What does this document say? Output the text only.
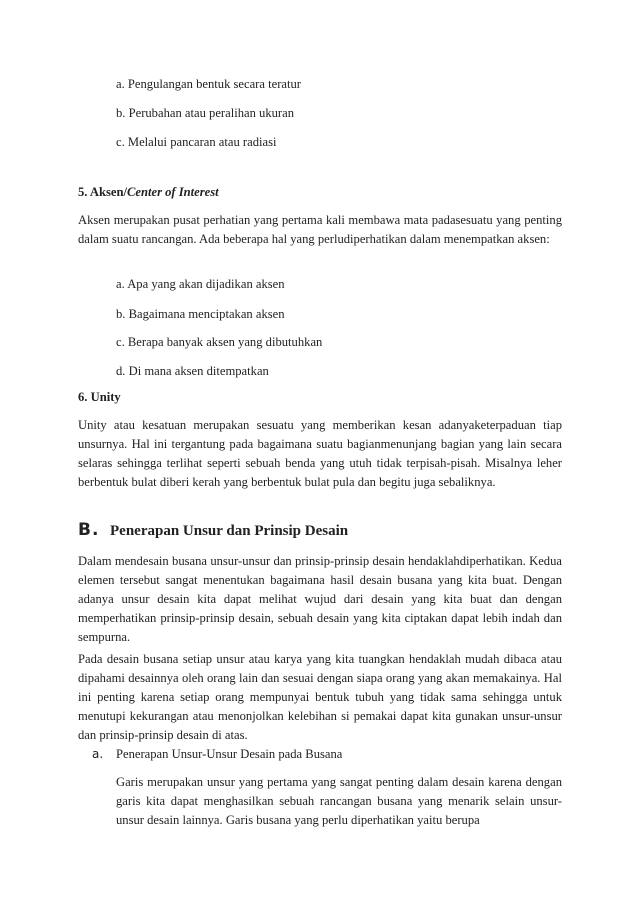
a. Pengulangan bentuk secara teratur
b. Perubahan atau peralihan ukuran
c. Melalui pancaran atau radiasi
5. Aksen/Center of Interest

Aksen merupakan pusat perhatian yang pertama kali membawa mata padasesuatu yang penting dalam suatu rancangan. Ada beberapa hal yang perludiperhatikan dalam menempatkan aksen:

a. Apa yang akan dijadikan aksen
b. Bagaimana menciptakan aksen
c. Berapa banyak aksen yang dibutuhkan
d. Di mana aksen ditempatkan
6. Unity

Unity atau kesatuan merupakan sesuatu yang memberikan kesan adanyaketerpaduan tiap unsurnya. Hal ini tergantung pada bagaimana suatu bagianmenunjang bagian yang lain secara selaras sehingga terlihat seperti sebuah benda yang utuh tidak terpisah-pisah. Misalnya leher berbentuk bulat diberi kerah yang berbentuk bulat pula dan begitu juga sebaliknya.

B. Penerapan Unsur dan Prinsip Desain

Dalam mendesain busana unsur-unsur dan prinsip-prinsip desain hendaklahdiperhatikan. Kedua elemen tersebut sangat menentukan bagaimana hasil desain busana yang kita buat. Dengan adanya unsur desain kita dapat melihat wujud dari desain yang kita buat dan dengan memperhatikan prinsip-prinsip desain, sebuah desain yang kita ciptakan dapat lebih indah dan sempurna.

Pada desain busana setiap unsur atau karya yang kita tuangkan hendaklah mudah dibaca atau dipahami desainnya oleh orang lain dan sesuai dengan siapa orang yang akan memakainya. Hal ini penting karena setiap orang mempunyai bentuk tubuh yang tidak sama sehingga untuk menutupi kekurangan atau menonjolkan kelebihan si pemakai dapat kita gunakan unsur-unsur dan prinsip-prinsip desain di atas.

a.	Penerapan Unsur-Unsur Desain pada Busana

Garis merupakan unsur yang pertama yang sangat penting dalam desain karena dengan garis kita dapat menghasilkan sebuah rancangan busana yang menarik selain unsur-unsur desain lainnya. Garis busana yang perlu diperhatikan yaitu berupa
